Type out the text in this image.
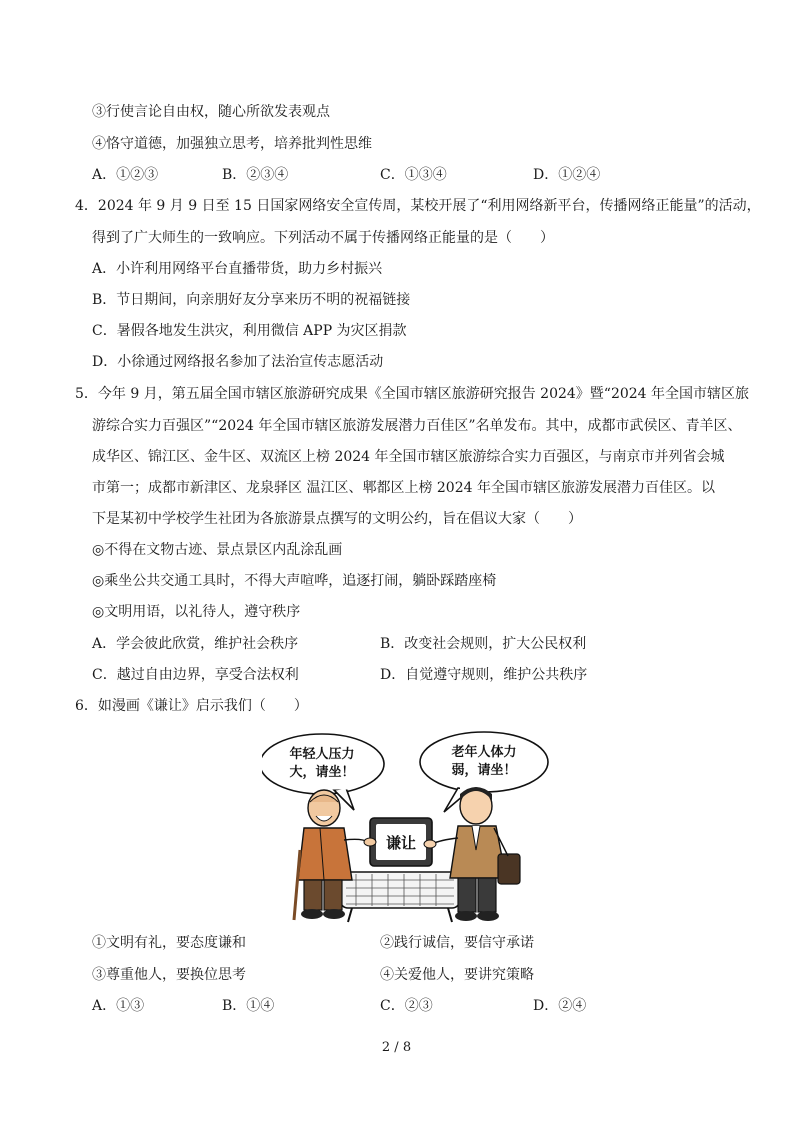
③行使言论自由权，随心所欲发表观点
④恪守道德，加强独立思考，培养批判性思维
A．①②③	B．②③④	C．①③④	D．①②④
4．2024 年 9 月 9 日至 15 日国家网络安全宣传周，某校开展了“利用网络新平台，传播网络正能量”的活动，
得到了广大师生的一致响应。下列活动不属于传播网络正能量的是（　　）
A．小许利用网络平台直播带货，助力乡村振兴
B．节日期间，向亲朋好友分享来历不明的祝福链接
C．暑假各地发生洪灾，利用微信 APP 为灾区捐款
D．小徐通过网络报名参加了法治宣传志愿活动
5．今年 9 月，第五届全国市辖区旅游研究成果《全国市辖区旅游研究报告 2024》暨“2024 年全国市辖区旅
游综合实力百强区”“2024 年全国市辖区旅游发展潜力百佳区”名单发布。其中，成都市武侯区、青羊区、
成华区、锦江区、金牛区、双流区上榜 2024 年全国市辖区旅游综合实力百强区，与南京市并列省会城
市第一；成都市新津区、龙泉驿区 温江区、郫都区上榜 2024 年全国市辖区旅游发展潜力百佳区。以
下是某初中学校学生社团为各旅游景点撰写的文明公约，旨在倡议大家（　　）
◎不得在文物古迹、景点景区内乱涂乱画
◎乘坐公共交通工具时，不得大声喧哗，追逐打闹，躺卧踩踏座椅
◎文明用语，以礼待人，遵守秩序
A．学会彼此欣赏，维护社会秩序	B．改变社会规则，扩大公民权利
C．越过自由边界，享受合法权利	D．自觉遵守规则，维护公共秩序
6．如漫画《谦让》启示我们（　　）
年轻人压力
大，请坐！
老年人体力
弱，请坐！
谦让
①文明有礼，要态度谦和	②践行诚信，要信守承诺
③尊重他人，要换位思考	④关爱他人，要讲究策略
A．①③	B．①④	C．②③	D．②④
2 / 8
